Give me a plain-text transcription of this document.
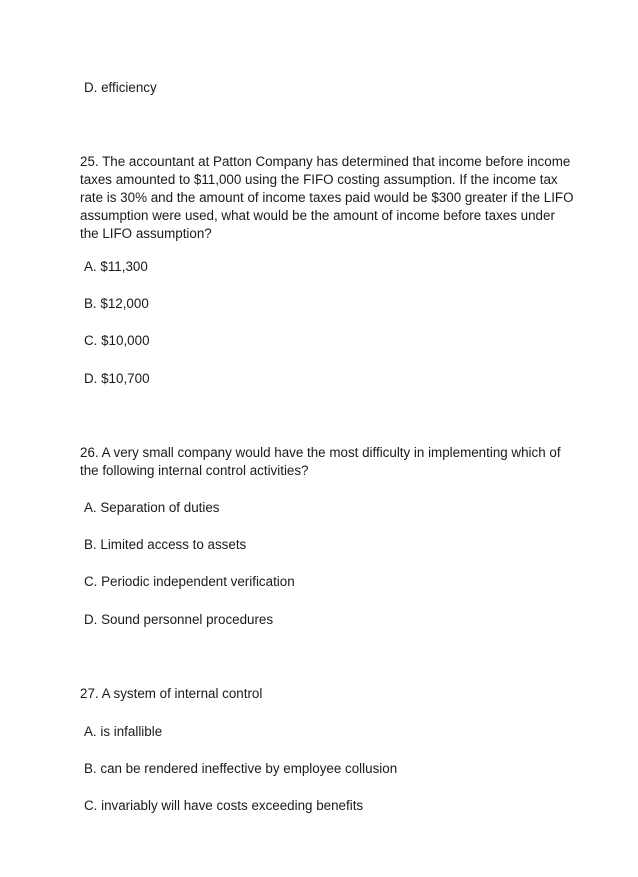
D. efficiency
25. The accountant at Patton Company has determined that income before income
taxes amounted to $11,000 using the FIFO costing assumption. If the income tax
rate is 30% and the amount of income taxes paid would be $300 greater if the LIFO
assumption were used, what would be the amount of income before taxes under
the LIFO assumption?
A. $11,300
B. $12,000
C. $10,000
D. $10,700
26. A very small company would have the most difficulty in implementing which of
the following internal control activities?
A. Separation of duties
B. Limited access to assets
C. Periodic independent verification
D. Sound personnel procedures
27. A system of internal control
A. is infallible
B. can be rendered ineffective by employee collusion
C. invariably will have costs exceeding benefits
